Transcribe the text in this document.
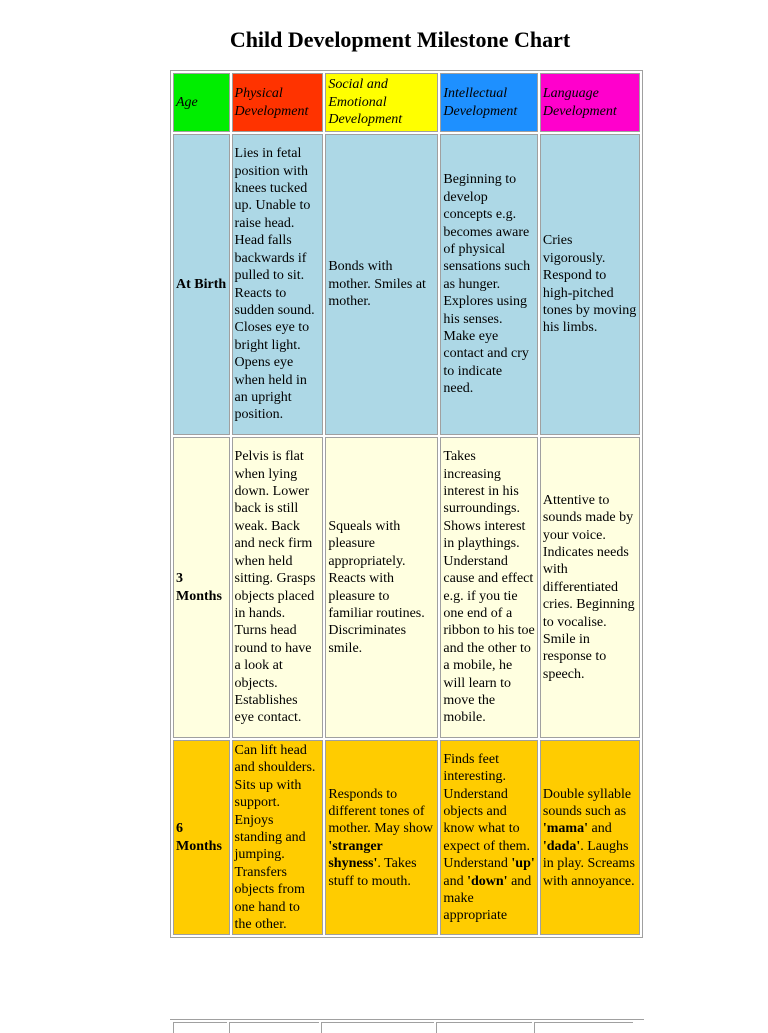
Child Development Milestone Chart
Age	Physical Development	Social and Emotional Development	Intellectual Development	Language Development
At Birth	Lies in fetal position with knees tucked up. Unable to raise head. Head falls backwards if pulled to sit. Reacts to sudden sound. Closes eye to bright light. Opens eye when held in an upright position.	Bonds with mother. Smiles at mother.	Beginning to develop concepts e.g. becomes aware of physical sensations such as hunger. Explores using his senses. Make eye contact and cry to indicate need.	Cries vigorously. Respond to high-pitched tones by moving his limbs.
3 Months	Pelvis is flat when lying down. Lower back is still weak. Back and neck firm when held sitting. Grasps objects placed in hands. Turns head round to have a look at objects. Establishes eye contact.	Squeals with pleasure appropriately. Reacts with pleasure to familiar routines. Discriminates smile.	Takes increasing interest in his surroundings. Shows interest in playthings. Understand cause and effect e.g. if you tie one end of a ribbon to his toe and the other to a mobile, he will learn to move the mobile.	Attentive to sounds made by your voice. Indicates needs with differentiated cries. Beginning to vocalise. Smile in response to speech.
6 Months	Can lift head and shoulders. Sits up with support. Enjoys standing and jumping. Transfers objects from one hand to the other.	Responds to different tones of mother. May show 'stranger shyness'. Takes stuff to mouth.	Finds feet interesting. Understand objects and know what to expect of them. Understand 'up' and 'down' and make appropriate	Double syllable sounds such as 'mama' and 'dada'. Laughs in play. Screams with annoyance.
